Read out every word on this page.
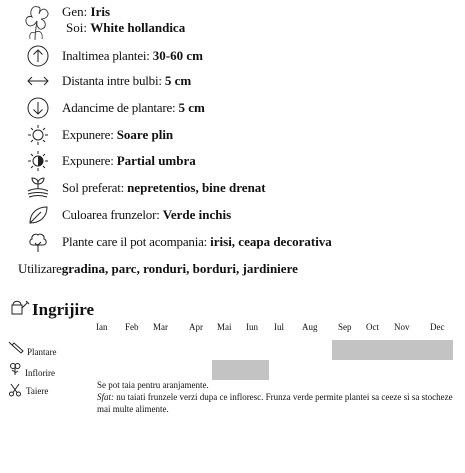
Gen: Iris
Soi: White hollandica
Inaltimea plantei: 30-60 cm
Distanta intre bulbi: 5 cm
Adancime de plantare: 5 cm
Expunere: Soare plin
Expunere: Partial umbra
Sol preferat: nepretentios, bine drenat
Culoarea frunzelor: Verde inchis
Plante care il pot acompania: irisi, ceapa decorativa
Utilizaregradina, parc, ronduri, borduri, jardiniere
Ingrijire
Ian Feb Mar Apr Mai Iun Iul Aug Sep Oct Nov Dec
Plantare
Inflorire
Taiere
Se pot taia pentru aranjamente.
Sfat: nu taiati frunzele verzi dupa ce infloresc. Frunza verde permite plantei sa ceeze si sa stocheze mai multe alimente.
